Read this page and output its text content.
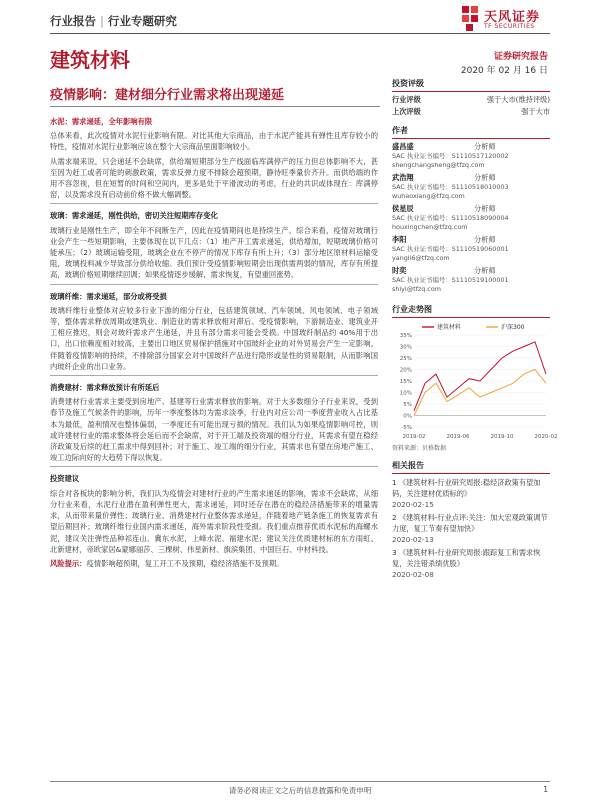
行业报告 | 行业专题研究	天风证券
TF SECURITIES
建筑材料	证券研究报告
2020 年 02 月 16 日
疫情影响：建材细分行业需求将出现递延
水泥：需求递延，全年影响有限

总体来看，此次疫情对水泥行业影响有限。对比其他大宗商品，由于水泥产能具有弹性且库存较小的特性，疫情对水泥行业影响应该在整个大宗商品里面影响较小。

从需求端来说，只会递延不会缺席，供给端短期部分生产线面临库满停产的压力但总体影响不大，甚至因为赶工或者可能的刺激政策，需求反弹力度不排除会超预期，静待旺季量价齐升。而供给端的作用不容忽视，但在短暂的时间和空间内，更多是处于平滑波动的考虑，行业的共识或体现在：库满停窑，以及需求没有启动前价格不做大幅调整。

玻璃：需求递延，刚性供给，密切关注短期库存变化

玻璃行业是刚性生产，即全年不间断生产，因此在疫情期间也是持续生产。综合来看，疫情对玻璃行业会产生一些短期影响，主要体现在以下几点：（1）地产开工需求递延，供给增加，短期玻璃价格可能承压；（2）玻璃运输受阻，玻璃企业在不停产的情况下库存有所上升；（3）部分地区原材料运输受阻，玻璃投料减少导致部分供给收缩。我们预计受疫情影响短期会出现供需两弱的情况，库存有所提高，玻璃价格短期继续回调；如果疫情逐步缓解，需求恢复，有望重回涨势。

玻璃纤维：需求递延，部分或将受损

玻璃纤维行业整体对应较多行业下游的细分行业，包括建筑领域、汽车领域、风电领域、电子领域等，整体需求释放周期或建筑业、制造业的需求释放相对滞后。受疫情影响，下游制造业、建筑业开工相应推迟，则会对玻纤需求产生递延，并且有部分需求可能会受损。中国玻纤制品约 40%用于出口，出口依赖度相对较高，主要出口地区贸易保护措施对中国玻纤企业的对外贸易会产生一定影响，伴随着疫情影响的持续，不排除部分国家会对中国玻纤产品进行隐形或显性的贸易限制，从而影响国内玻纤企业的出口业务。

消费建材：需求释放预计有所延后

消费建材行业需求主要受到房地产、基建等行业需求释放的影响。对于大多数细分子行业来说，受到春节及施工气候条件的影响，历年一季度整体均为需求淡季，行业内对应公司一季度营业收入占比基本为最低，盈利情况也整体偏弱，一季度还有可能出现亏损的情况。我们认为如果疫情影响可控，则或许建材行业的需求整体将会延后而不会缺席，对于开工端及投资端的细分行业，其需求有望在稳经济政策及后续的赶工需求中得到回补；对于施工、竣工端的细分行业，其需求也有望在房地产施工、竣工边际向好的大趋势下得以恢复。

投资建议

综合对各板块的影响分析，我们认为疫情会对建材行业的产生需求递延的影响，需求不会缺席，从细分行业来看，水泥行业潜在盈利弹性更大，需求递延，同时还存在潜在的稳经济措施带来的增量需求，从而带来量价弹性；玻璃行业、消费建材行业整体需求递延，伴随着地产链条施工的恢复需求有望后期回补；玻璃纤维行业国内需求递延，海外需求阶段性受损。我们重点推荐优质水泥标的海螺水泥，建议关注弹性品种祁连山、冀东水泥，上峰水泥、福建水泥；建议关注优质建材标的东方雨虹、北新建材，帝欧家居&蒙娜丽莎、三棵树、伟星新材、旗滨集团、中国巨石、中材科技。

风险提示：疫情影响超预期，复工开工不及预期，稳经济措施不及预期。

投资评级
行业评级	强于大市(维持评级)
上次评级	强于大市
作者
盛昌盛	分析师
SAC 执业证书编号：S1110517120002
shengchangsheng@tfzq.com
武浩翔	分析师
SAC 执业证书编号：S1110518010003
wuhaoxiang@tfzq.com
侯星辰	分析师
SAC 执业证书编号：S1110518090004
houxingchen@tfzq.com
李阳	分析师
SAC 执业证书编号：S1110519060001
yangli6@tfzq.com
时奕	分析师
SAC 执业证书编号：S1110519100001
shiyi@tfzq.com
行业走势图
35%
30%
25%
20%
15%
10%
5%
0%
-5%
2019-02	2019-06	2019-10	2020-02
建筑材料	沪深300
资料来源：贝格数据
相关报告
1 《建筑材料-行业研究周报:稳经济政策有望加码，关注建材优质标的》
2020-02-15
2 《建筑材料-行业点评:关注：加大宏观政策调节力度，复工节奏有望加快》
2020-02-13
3 《建筑材料-行业研究周报:跟踪复工和需求恢复，关注错杀绩优股》
2020-02-08
请务必阅读正文之后的信息披露和免责申明	1
